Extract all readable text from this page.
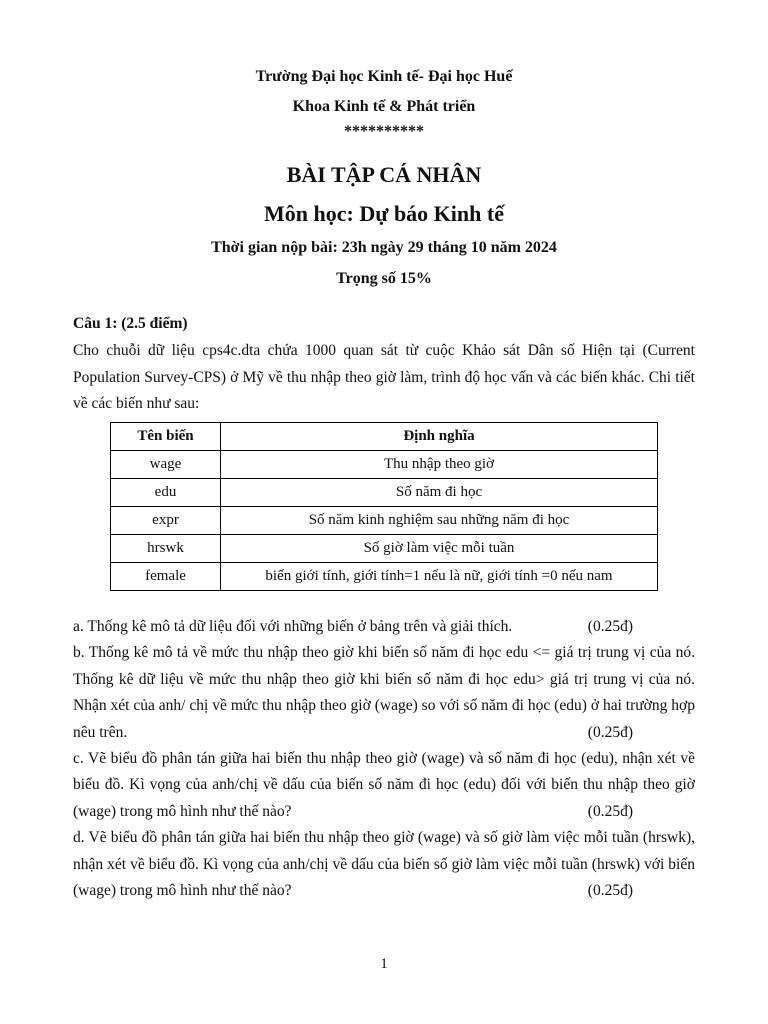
Trường Đại học Kinh tế- Đại học Huế
Khoa Kinh tế & Phát triển
**********
BÀI TẬP CÁ NHÂN
Môn học: Dự báo Kinh tế
Thời gian nộp bài: 23h ngày 29 tháng 10 năm 2024
Trọng số 15%
Câu 1: (2.5 điểm)
Cho chuỗi dữ liệu cps4c.dta chứa 1000 quan sát từ cuộc Khảo sát Dân số Hiện tại (Current Population Survey-CPS) ở Mỹ về thu nhập theo giờ làm, trình độ học vấn và các biến khác. Chi tiết về các biến như sau:
Tên biến	Định nghĩa
wage	Thu nhập theo giờ
edu	Số năm đi học
expr	Số năm kinh nghiệm sau những năm đi học
hrswk	Số giờ làm việc mỗi tuần
female	biến giới tính, giới tính=1 nếu là nữ, giới tính =0 nếu nam

a. Thống kê mô tả dữ liệu đối với những biến ở bảng trên và giải thích.	(0.25đ)

b. Thống kê mô tả về mức thu nhập theo giờ khi biến số năm đi học edu <= giá trị trung vị của nó. Thống kê dữ liệu về mức thu nhập theo giờ khi biến số năm đi học edu> giá trị trung vị của nó. Nhận xét của anh/ chị về mức thu nhập theo giờ (wage) so với số năm đi học (edu) ở hai trường hợp nêu trên.	(0.25đ)

c. Vẽ biểu đồ phân tán giữa hai biến thu nhập theo giờ (wage) và số năm đi học (edu), nhận xét về biểu đồ. Kì vọng của anh/chị về dấu của biến số năm đi học (edu) đối với biến thu nhập theo giờ (wage) trong mô hình như thế nào?	(0.25đ)

d. Vẽ biểu đồ phân tán giữa hai biến thu nhập theo giờ (wage) và số giờ làm việc mỗi tuần (hrswk), nhận xét về biểu đồ. Kì vọng của anh/chị về dấu của biến số giờ làm việc mỗi tuần (hrswk) với biến (wage) trong mô hình như thế nào?	(0.25đ)

1
